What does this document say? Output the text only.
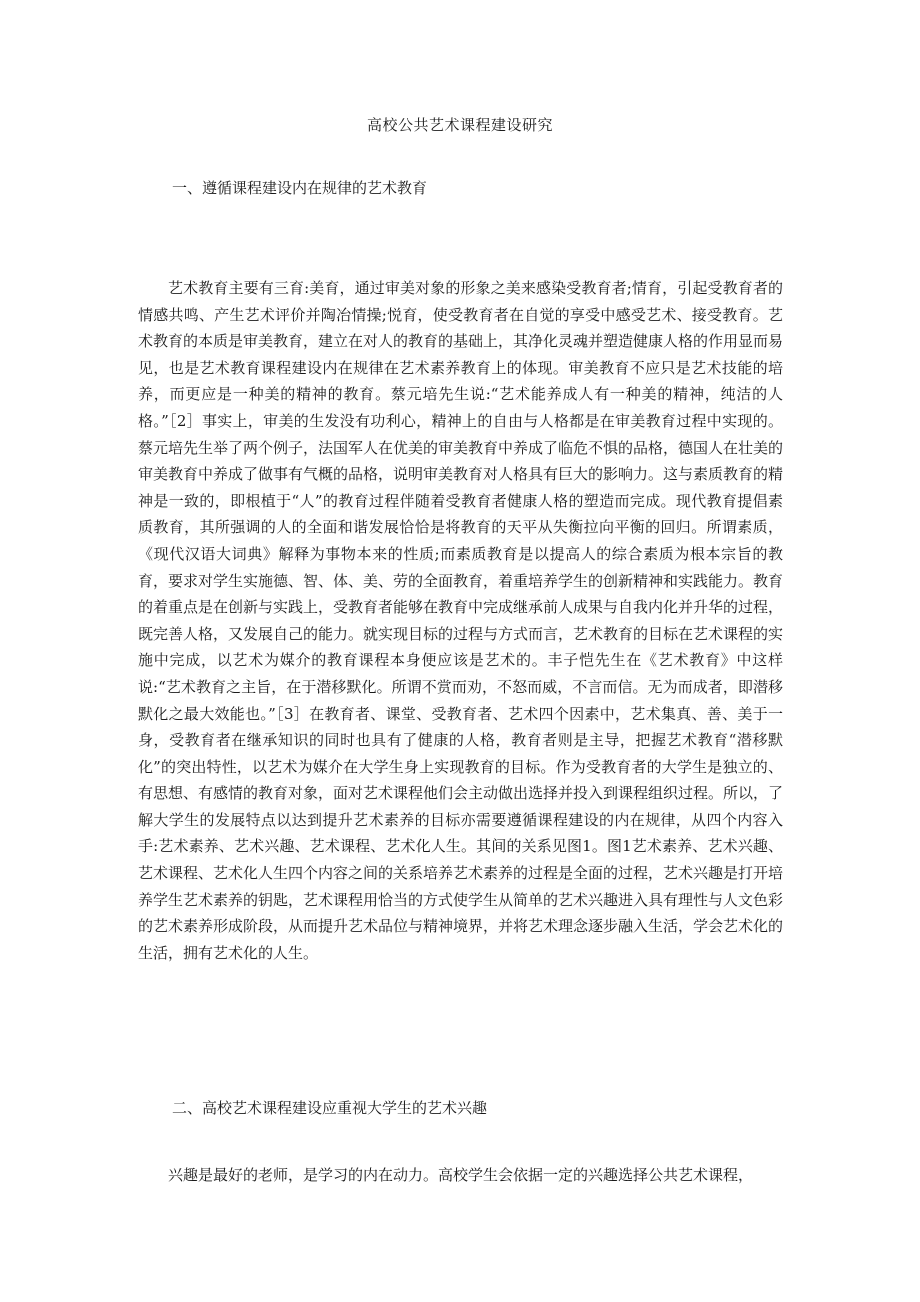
高校公共艺术课程建设研究
一、遵循课程建设内在规律的艺术教育

艺术教育主要有三育:美育，通过审美对象的形象之美来感染受教育者;情育，引起受教育者的情感共鸣、产生艺术评价并陶冶情操;悦育，使受教育者在自觉的享受中感受艺术、接受教育。艺术教育的本质是审美教育，建立在对人的教育的基础上，其净化灵魂并塑造健康人格的作用显而易见，也是艺术教育课程建设内在规律在艺术素养教育上的体现。审美教育不应只是艺术技能的培养，而更应是一种美的精神的教育。蔡元培先生说:“艺术能养成人有一种美的精神，纯洁的人格。”［2］事实上，审美的生发没有功利心，精神上的自由与人格都是在审美教育过程中实现的。蔡元培先生举了两个例子，法国军人在优美的审美教育中养成了临危不惧的品格，德国人在壮美的审美教育中养成了做事有气概的品格，说明审美教育对人格具有巨大的影响力。这与素质教育的精神是一致的，即根植于“人”的教育过程伴随着受教育者健康人格的塑造而完成。现代教育提倡素质教育，其所强调的人的全面和谐发展恰恰是将教育的天平从失衡拉向平衡的回归。所谓素质，《现代汉语大词典》解释为事物本来的性质;而素质教育是以提高人的综合素质为根本宗旨的教育，要求对学生实施德、智、体、美、劳的全面教育，着重培养学生的创新精神和实践能力。教育的着重点是在创新与实践上，受教育者能够在教育中完成继承前人成果与自我内化并升华的过程，既完善人格，又发展自己的能力。就实现目标的过程与方式而言，艺术教育的目标在艺术课程的实施中完成，以艺术为媒介的教育课程本身便应该是艺术的。丰子恺先生在《艺术教育》中这样说:“艺术教育之主旨，在于潜移默化。所谓不赏而劝，不怒而威，不言而信。无为而成者，即潜移默化之最大效能也。”［3］在教育者、课堂、受教育者、艺术四个因素中，艺术集真、善、美于一身，受教育者在继承知识的同时也具有了健康的人格，教育者则是主导，把握艺术教育“潜移默化”的突出特性，以艺术为媒介在大学生身上实现教育的目标。作为受教育者的大学生是独立的、有思想、有感情的教育对象，面对艺术课程他们会主动做出选择并投入到课程组织过程。所以，了解大学生的发展特点以达到提升艺术素养的目标亦需要遵循课程建设的内在规律，从四个内容入手:艺术素养、艺术兴趣、艺术课程、艺术化人生。其间的关系见图1。图1艺术素养、艺术兴趣、艺术课程、艺术化人生四个内容之间的关系培养艺术素养的过程是全面的过程，艺术兴趣是打开培养学生艺术素养的钥匙，艺术课程用恰当的方式使学生从简单的艺术兴趣进入具有理性与人文色彩的艺术素养形成阶段，从而提升艺术品位与精神境界，并将艺术理念逐步融入生活，学会艺术化的生活，拥有艺术化的人生。

二、高校艺术课程建设应重视大学生的艺术兴趣

兴趣是最好的老师，是学习的内在动力。高校学生会依据一定的兴趣选择公共艺术课程，
